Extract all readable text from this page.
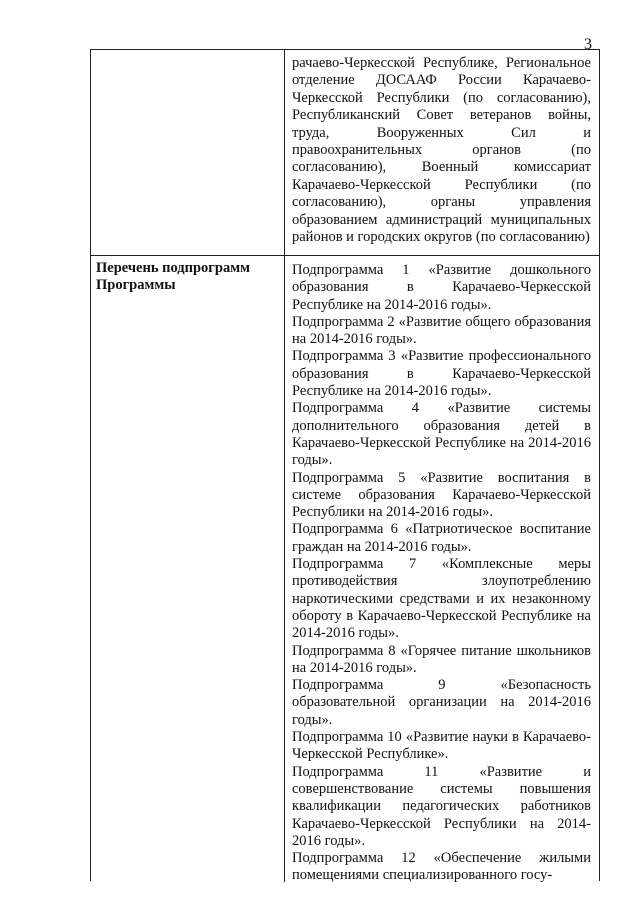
3
рачаево-Черкесской Республике, Региональное отделение ДОСААФ России Карачаево-Черкесской Республики (по согласованию), Республиканский Совет ветеранов войны, труда, Вооруженных Сил и правоохранительных органов (по согласованию), Военный комиссариат Карачаево-Черкесской Республики (по согласованию), органы управления образованием администраций муниципальных районов и городских округов (по согласованию)
Перечень подпрограмм Программы

Подпрограмма 1 «Развитие дошкольного образования в Карачаево-Черкесской Республике на 2014-2016 годы».

Подпрограмма 2 «Развитие общего образования на 2014-2016 годы».

Подпрограмма 3 «Развитие профессионального образования в Карачаево-Черкесской Республике на 2014-2016 годы».

Подпрограмма 4 «Развитие системы дополнительного образования детей в Карачаево-Черкесской Республике на 2014-2016 годы».

Подпрограмма 5 «Развитие воспитания в системе образования Карачаево-Черкесской Республики на 2014-2016 годы».

Подпрограмма 6 «Патриотическое воспитание граждан на 2014-2016 годы».

Подпрограмма 7 «Комплексные меры противодействия злоупотреблению наркотическими средствами и их незаконному обороту в Карачаево-Черкесской Республике на 2014-2016 годы».

Подпрограмма 8 «Горячее питание школьников на 2014-2016 годы».

Подпрограмма 9 «Безопасность образовательной организации на 2014-2016 годы».

Подпрограмма 10 «Развитие науки в Карачаево-Черкесской Республике».

Подпрограмма 11 «Развитие и совершенствование системы повышения квалификации педагогических работников Карачаево-Черкесской Республики на 2014-2016 годы».

Подпрограмма 12 «Обеспечение жилыми помещениями специализированного госу-
